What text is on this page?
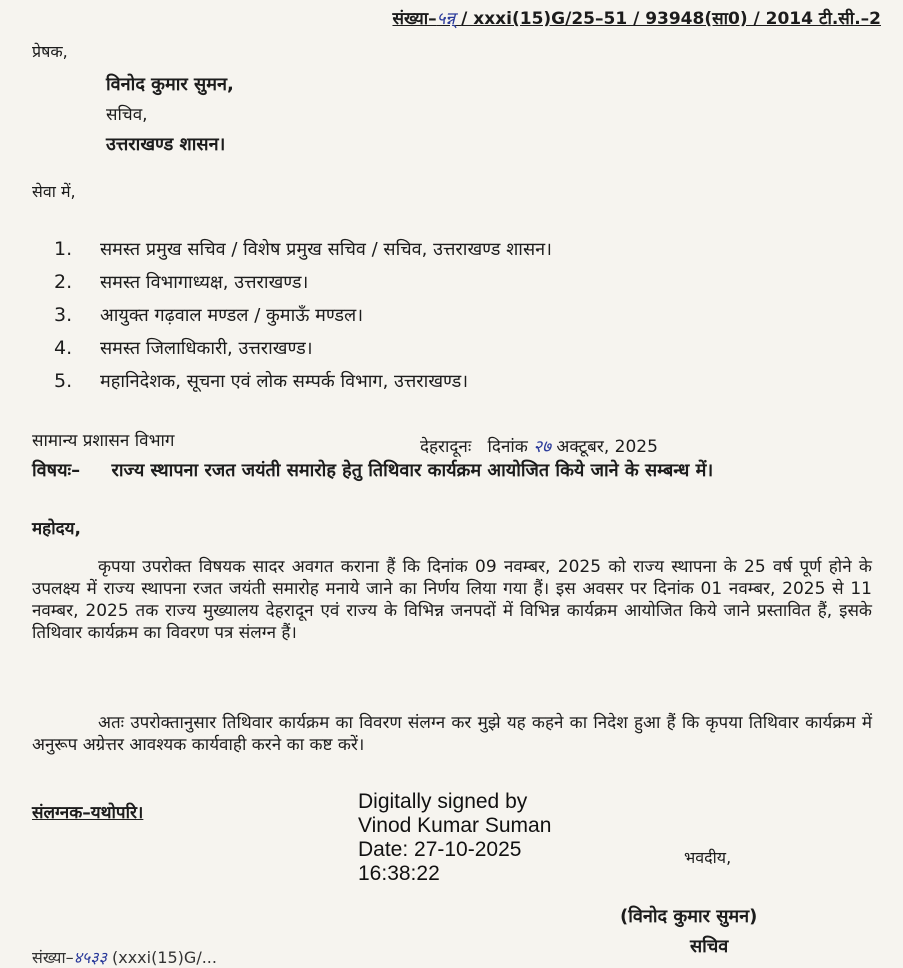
संख्या–५न्न् / xxxi(15)G/25–51 / 93948(सा0) / 2014 टी.सी.–2
प्रेषक,
विनोद कुमार सुमन,
सचिव,
उत्तराखण्ड शासन।
सेवा में,
1.	समस्त प्रमुख सचिव / विशेष प्रमुख सचिव / सचिव, उत्तराखण्ड शासन।
2.	समस्त विभागाध्यक्ष, उत्तराखण्ड।
3.	आयुक्त गढ़वाल मण्डल / कुमाऊँ मण्डल।
4.	समस्त जिलाधिकारी, उत्तराखण्ड।
5.	महानिदेशक, सूचना एवं लोक सम्पर्क विभाग, उत्तराखण्ड।
सामान्य प्रशासन विभाग	देहरादूनः दिनांक २७ अक्टूबर, 2025
विषयः– राज्य स्थापना रजत जयंती समारोह हेतु तिथिवार कार्यक्रम आयोजित किये जाने के सम्बन्ध में।
महोदय,
कृपया उपरोक्त विषयक सादर अवगत कराना हैं कि दिनांक 09 नवम्बर, 2025 को राज्य स्थापना के 25 वर्ष पूर्ण होने के उपलक्ष्य में राज्य स्थापना रजत जयंती समारोह मनाये जाने का निर्णय लिया गया हैं। इस अवसर पर दिनांक 01 नवम्बर, 2025 से 11 नवम्बर, 2025 तक राज्य मुख्यालय देहरादून एवं राज्य के विभिन्न जनपदों में विभिन्न कार्यक्रम आयोजित किये जाने प्रस्तावित हैं, इसके तिथिवार कार्यक्रम का विवरण पत्र संलग्न हैं।
अतः उपरोक्तानुसार तिथिवार कार्यक्रम का विवरण संलग्न कर मुझे यह कहने का निदेश हुआ हैं कि कृपया तिथिवार कार्यक्रम में अनुरूप अग्रेत्तर आवश्यक कार्यवाही करने का कष्ट करें।
संलग्नक–यथोपरि।	Digitally signed by
Vinod Kumar Suman
Date: 27-10-2025
16:38:22
भवदीय,
(विनोद कुमार सुमन)
सचिव
संख्या–४५३३ (xxxi(15)G/...
